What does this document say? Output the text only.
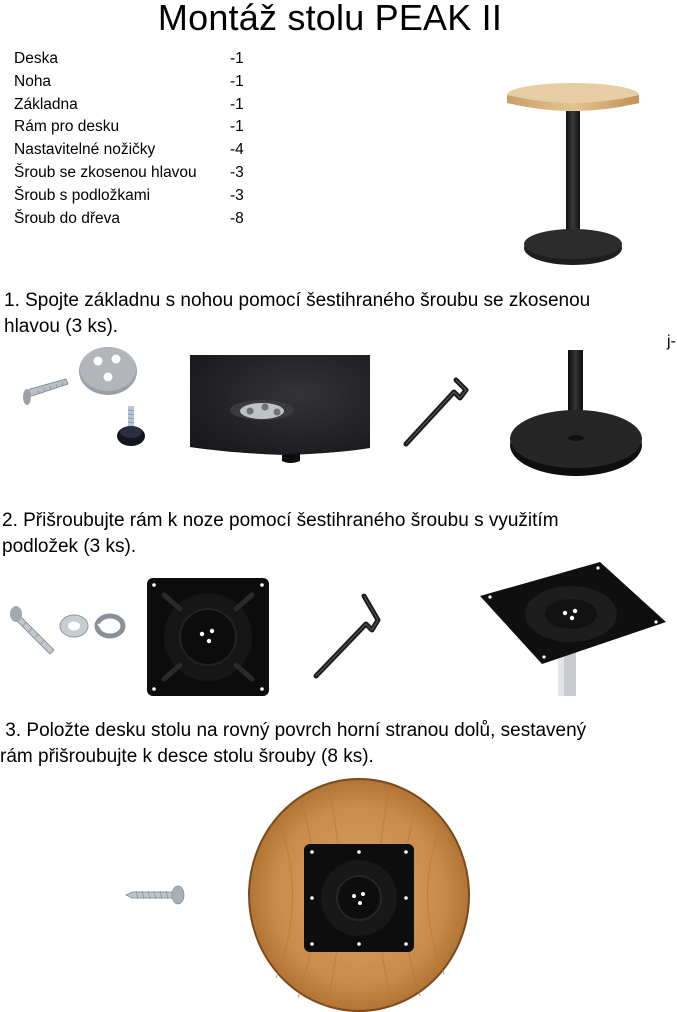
Montáž stolu PEAK II
Deska	-1
Noha	-1
Základna	-1
Rám pro desku	-1
Nastavitelné nožičky	-4
Šroub se zkosenou hlavou	-3
Šroub s podložkami	-3
Šroub do dřeva	-8
1. Spojte základnu s nohou pomocí šestihraného šroubu se zkosenou
hlavou (3 ks).
j-
2. Přišroubujte rám k noze pomocí šestihraného šroubu s využitím
podložek (3 ks).
3. Položte desku stolu na rovný povrch horní stranou dolů, sestavený
rám přišroubujte k desce stolu šrouby (8 ks).
